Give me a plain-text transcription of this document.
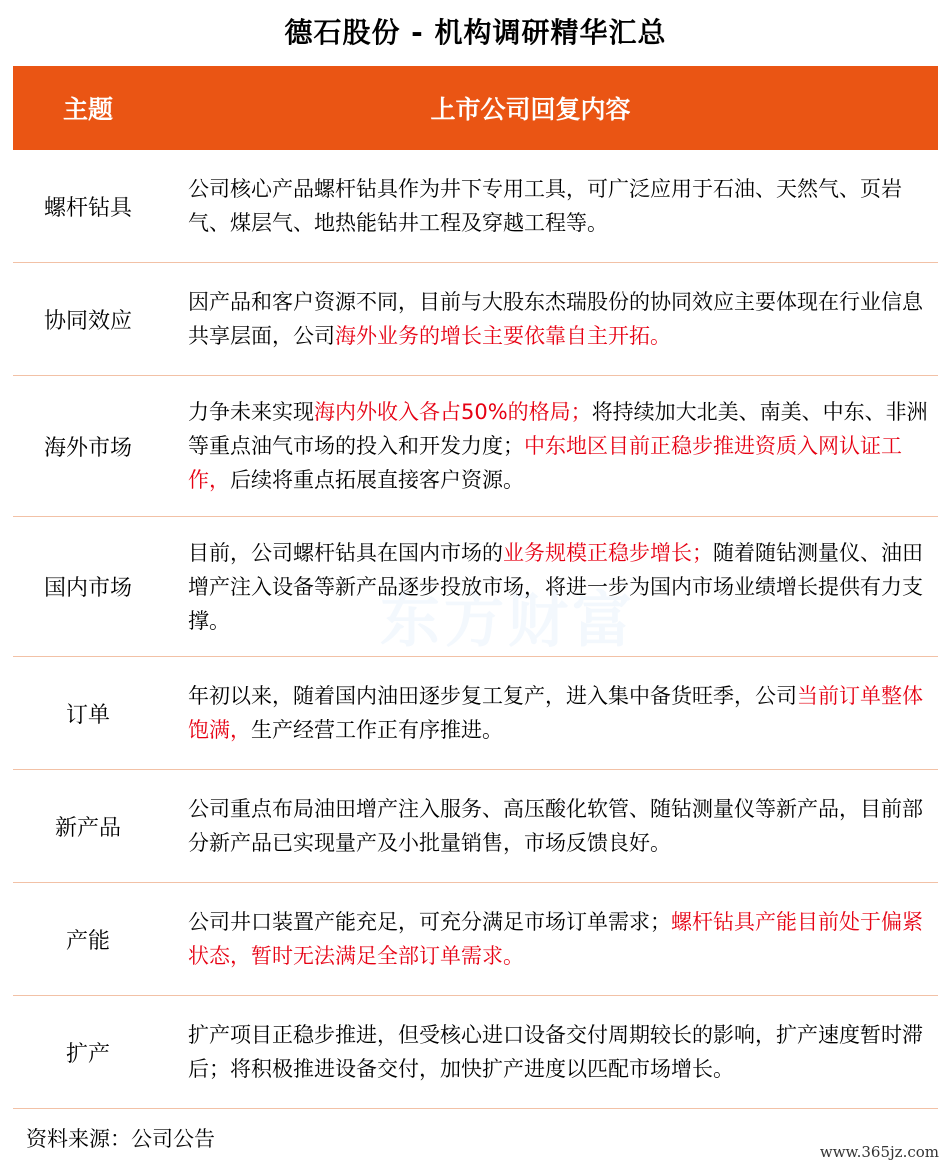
德石股份 - 机构调研精华汇总
东方财富
主题	上市公司回复内容
螺杆钻具
公司核心产品螺杆钻具作为井下专用工具，可广泛应用于石油、天然气、页岩气、煤层气、地热能钻井工程及穿越工程等。
协同效应
因产品和客户资源不同，目前与大股东杰瑞股份的协同效应主要体现在行业信息共享层面，公司海外业务的增长主要依靠自主开拓。
海外市场
力争未来实现海内外收入各占50%的格局；将持续加大北美、南美、中东、非洲等重点油气市场的投入和开发力度；中东地区目前正稳步推进资质入网认证工作，后续将重点拓展直接客户资源。
国内市场
目前，公司螺杆钻具在国内市场的业务规模正稳步增长；随着随钻测量仪、油田增产注入设备等新产品逐步投放市场，将进一步为国内市场业绩增长提供有力支撑。
订单
年初以来，随着国内油田逐步复工复产，进入集中备货旺季，公司当前订单整体饱满，生产经营工作正有序推进。
新产品
公司重点布局油田增产注入服务、高压酸化软管、随钻测量仪等新产品，目前部分新产品已实现量产及小批量销售，市场反馈良好。
产能
公司井口装置产能充足，可充分满足市场订单需求；螺杆钻具产能目前处于偏紧状态，暂时无法满足全部订单需求。
扩产
扩产项目正稳步推进，但受核心进口设备交付周期较长的影响，扩产速度暂时滞后；将积极推进设备交付，加快扩产进度以匹配市场增长。
资料来源：公司公告
www.365jz.com
